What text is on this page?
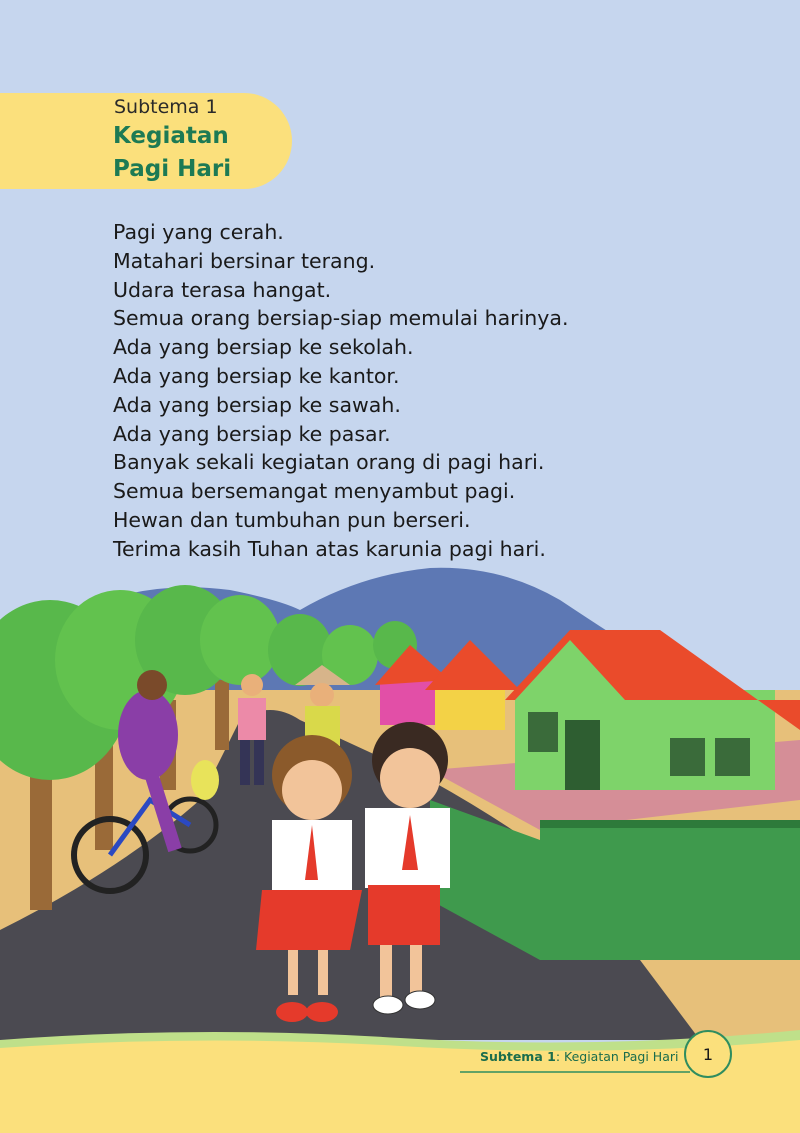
Subtema 1
Kegiatan
Pagi Hari
Pagi yang cerah.
Matahari bersinar terang.
Udara terasa hangat.
Semua orang bersiap-siap memulai harinya.
Ada yang bersiap ke sekolah.
Ada yang bersiap ke kantor.
Ada yang bersiap ke sawah.
Ada yang bersiap ke pasar.
Banyak sekali kegiatan orang di pagi hari.
Semua bersemangat menyambut pagi.
Hewan dan tumbuhan pun berseri.
Terima kasih Tuhan atas karunia pagi hari.
Subtema 1: Kegiatan Pagi Hari	1
